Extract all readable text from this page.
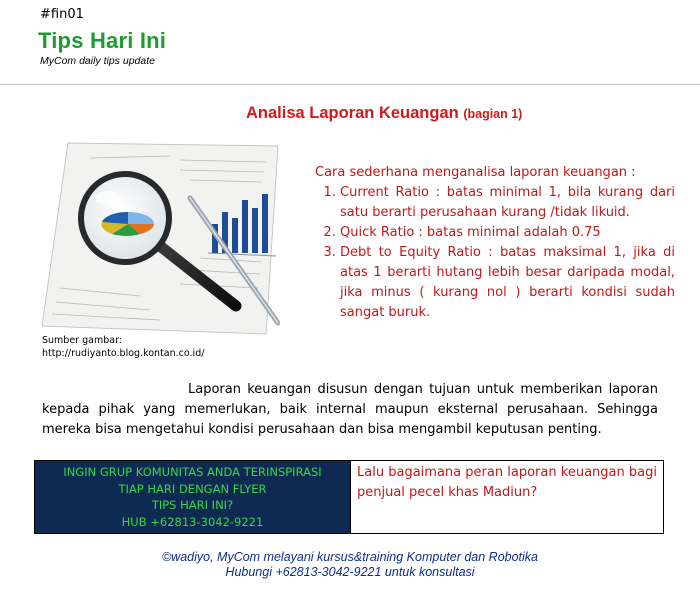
#fin01
Tips Hari Ini
MyCom daily tips update
Analisa Laporan Keuangan (bagian 1)
Sumber gambar:
http://rudiyanto.blog.kontan.co.id/
Cara sederhana menganalisa laporan keuangan :
1. Current Ratio : batas minimal 1, bila kurang dari satu berarti perusahaan kurang /tidak likuid.
2. Quick Ratio : batas minimal adalah 0.75
3. Debt to Equity Ratio : batas maksimal 1, jika di atas 1 berarti hutang lebih besar daripada modal, jika minus ( kurang nol ) berarti kondisi sudah sangat buruk.
Laporan keuangan disusun dengan tujuan untuk memberikan laporan kepada pihak yang memerlukan, baik internal maupun eksternal perusahaan. Sehingga mereka bisa mengetahui kondisi perusahaan dan bisa mengambil keputusan penting.
INGIN GRUP KOMUNITAS ANDA TERINSPIRASI
TIAP HARI DENGAN FLYER
TIPS HARI INI?
HUB +62813-3042-9221
Lalu bagaimana peran laporan keuangan bagi penjual pecel khas Madiun?
©wadiyo, MyCom melayani kursus&training Komputer dan Robotika
Hubungi +62813-3042-9221 untuk konsultasi
